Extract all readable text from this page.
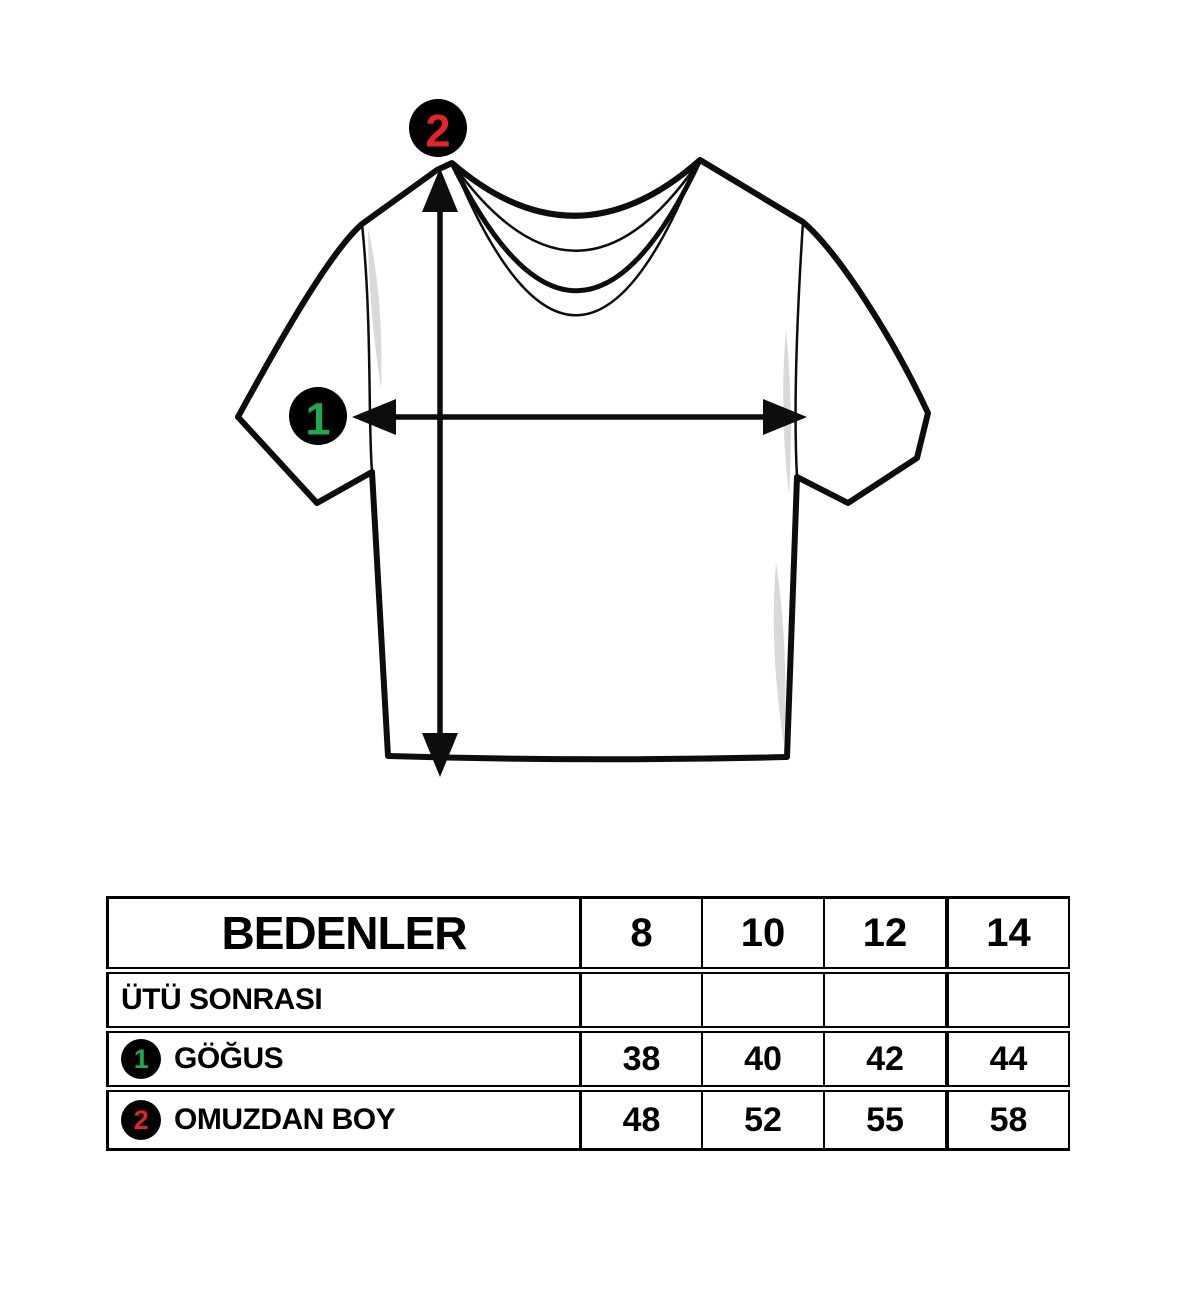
2
1
BEDENLER	8	10	12	14

ÜTÜ SONRASI				

1 GÖĞUS	38	40	42	44

2 OMUZDAN BOY	48	52	55	58
